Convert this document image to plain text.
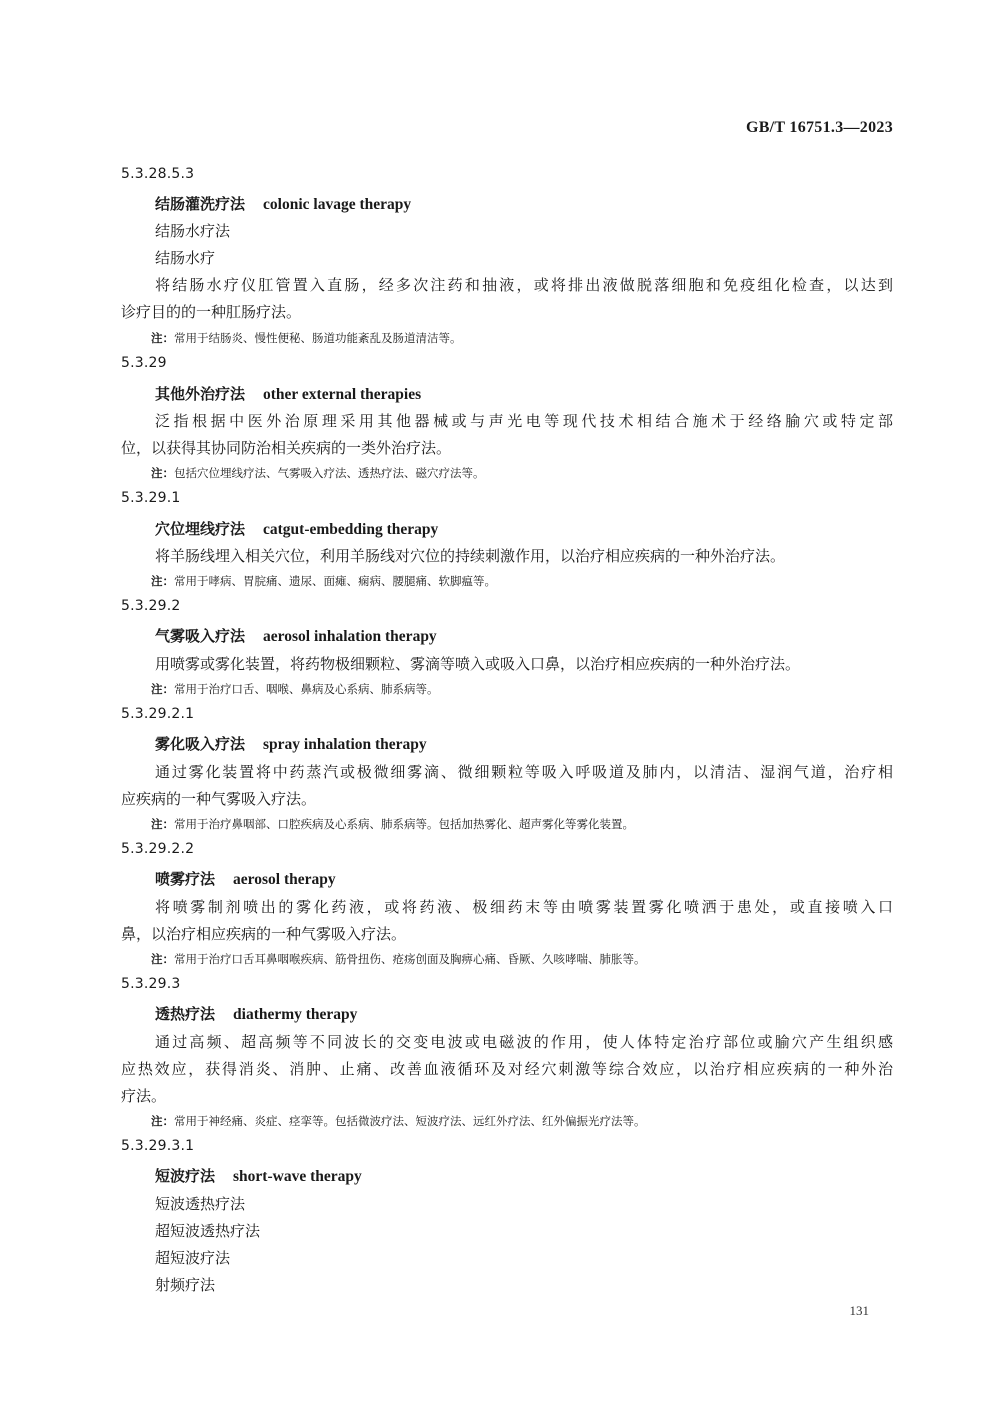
GB/T 16751.3—2023
5.3.28.5.3
结肠灌洗疗法 colonic lavage therapy
结肠水疗法
结肠水疗
将结肠水疗仪肛管置入直肠，经多次注药和抽液，或将排出液做脱落细胞和免疫组化检查，以达到
诊疗目的的一种肛肠疗法。
注：常用于结肠炎、慢性便秘、肠道功能紊乱及肠道清洁等。
5.3.29
其他外治疗法 other external therapies
泛指根据中医外治原理采用其他器械或与声光电等现代技术相结合施术于经络腧穴或特定部
位，以获得其协同防治相关疾病的一类外治疗法。
注：包括穴位埋线疗法、气雾吸入疗法、透热疗法、磁穴疗法等。
5.3.29.1
穴位埋线疗法 catgut-embedding therapy
将羊肠线埋入相关穴位，利用羊肠线对穴位的持续刺激作用，以治疗相应疾病的一种外治疗法。
注：常用于哮病、胃脘痛、遗尿、面瘫、痫病、腰腿痛、软脚瘟等。
5.3.29.2
气雾吸入疗法 aerosol inhalation therapy
用喷雾或雾化装置，将药物极细颗粒、雾滴等喷入或吸入口鼻，以治疗相应疾病的一种外治疗法。
注：常用于治疗口舌、咽喉、鼻病及心系病、肺系病等。
5.3.29.2.1
雾化吸入疗法 spray inhalation therapy
通过雾化装置将中药蒸汽或极微细雾滴、微细颗粒等吸入呼吸道及肺内，以清洁、湿润气道，治疗相
应疾病的一种气雾吸入疗法。
注：常用于治疗鼻咽部、口腔疾病及心系病、肺系病等。包括加热雾化、超声雾化等雾化装置。
5.3.29.2.2
喷雾疗法 aerosol therapy
将喷雾制剂喷出的雾化药液，或将药液、极细药末等由喷雾装置雾化喷洒于患处，或直接喷入口
鼻，以治疗相应疾病的一种气雾吸入疗法。
注：常用于治疗口舌耳鼻咽喉疾病、筋骨扭伤、疮疡创面及胸痹心痛、昏厥、久咳哮喘、肺胀等。
5.3.29.3
透热疗法 diathermy therapy
通过高频、超高频等不同波长的交变电波或电磁波的作用，使人体特定治疗部位或腧穴产生组织感
应热效应，获得消炎、消肿、止痛、改善血液循环及对经穴刺激等综合效应，以治疗相应疾病的一种外治
疗法。
注：常用于神经痛、炎症、痉挛等。包括微波疗法、短波疗法、远红外疗法、红外偏振光疗法等。
5.3.29.3.1
短波疗法 short-wave therapy
短波透热疗法
超短波透热疗法
超短波疗法
射频疗法
131
